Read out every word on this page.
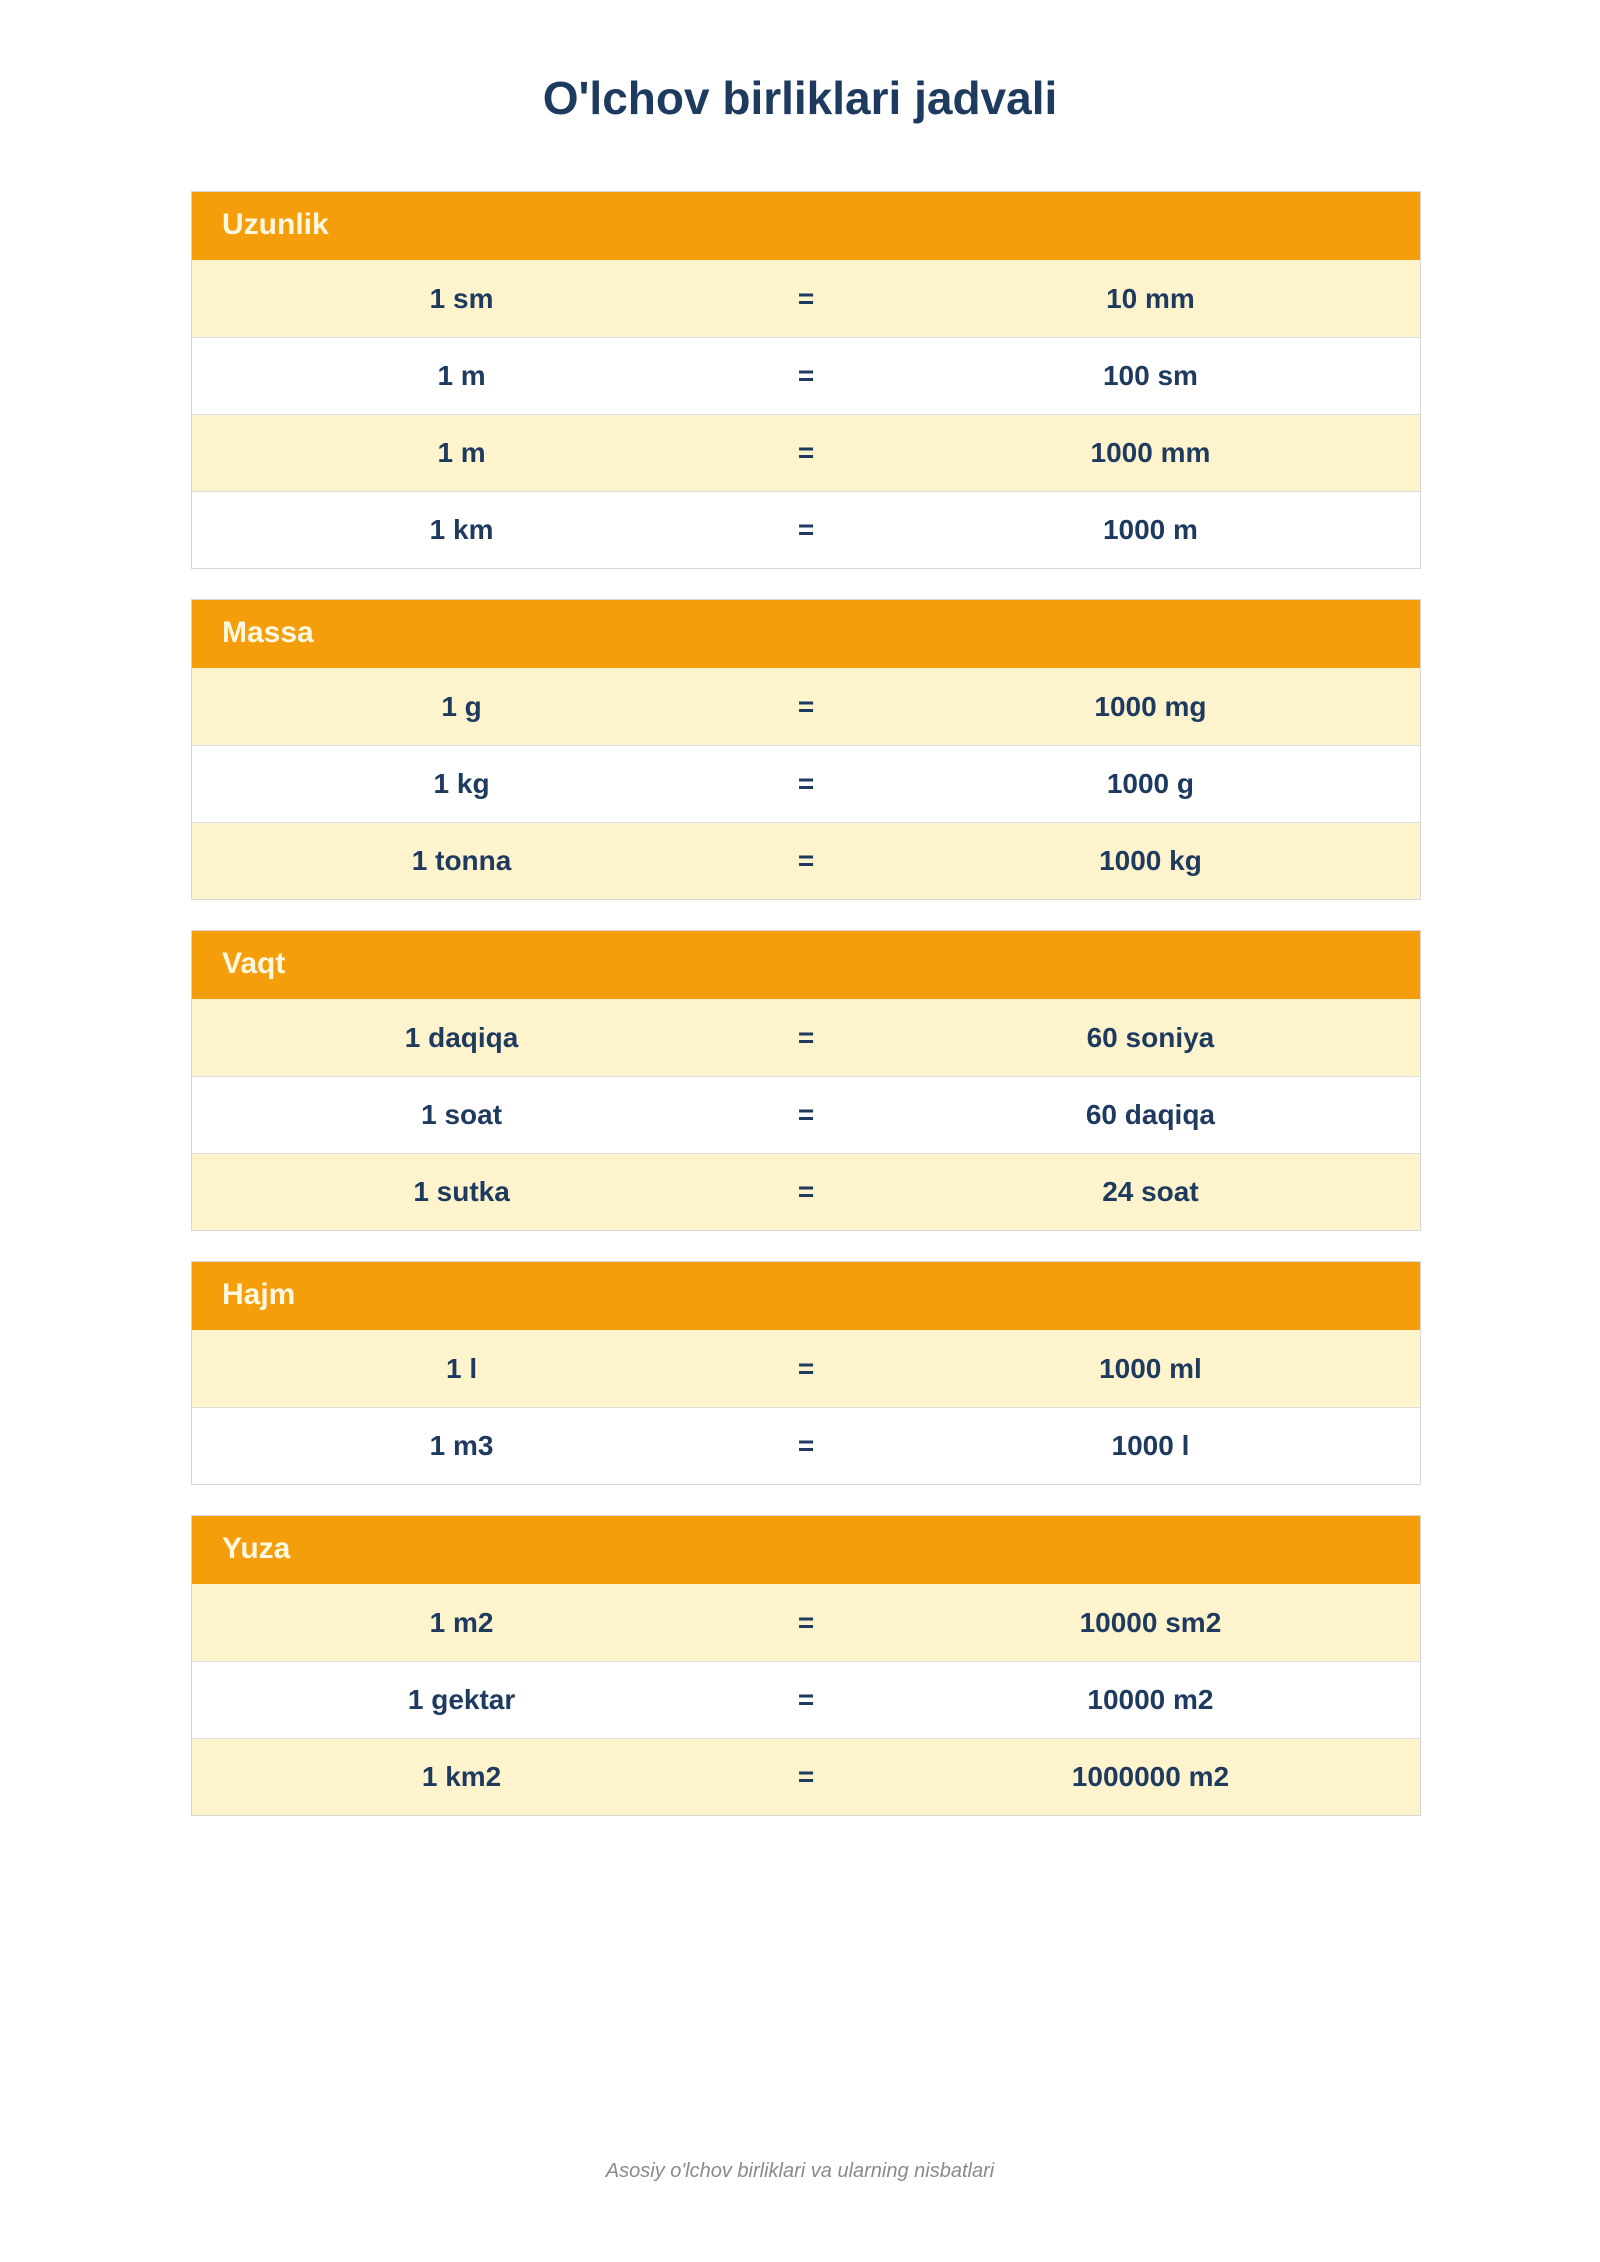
O'lchov birliklari jadvali
Uzunlik
1 sm	=	10 mm
1 m	=	100 sm
1 m	=	1000 mm
1 km	=	1000 m
Massa
1 g	=	1000 mg
1 kg	=	1000 g
1 tonna	=	1000 kg
Vaqt
1 daqiqa	=	60 soniya
1 soat	=	60 daqiqa
1 sutka	=	24 soat
Hajm
1 l	=	1000 ml
1 m3	=	1000 l
Yuza
1 m2	=	10000 sm2
1 gektar	=	10000 m2
1 km2	=	1000000 m2
Asosiy o'lchov birliklari va ularning nisbatlari
